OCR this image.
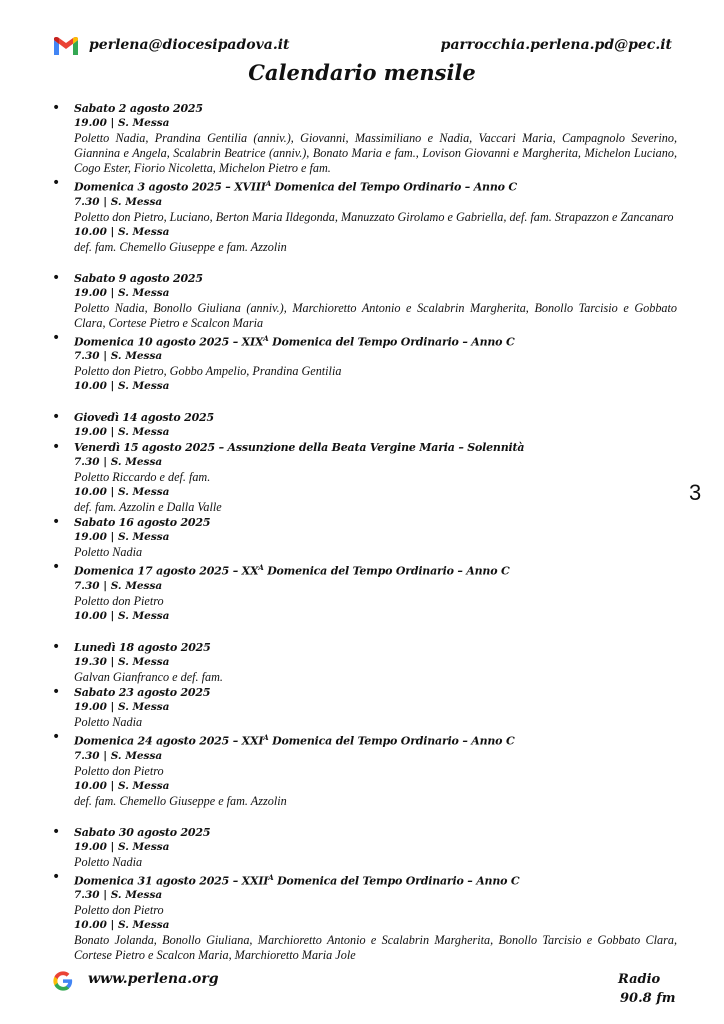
perlena@diocesipadova.it	parrocchia.perlena.pd@pec.it
Calendario mensile
• Sabato 2 agosto 2025
19.00 | S. Messa
Poletto Nadia, Prandina Gentilia (anniv.), Giovanni, Massimiliano e Nadia, Vaccari Maria, Campagnolo Severino, Giannina e Angela, Scalabrin Beatrice (anniv.), Bonato Maria e fam., Lovison Giovanni e Margherita, Michelon Luciano, Cogo Ester, Fiorio Nicoletta, Michelon Pietro e fam.
• Domenica 3 agosto $2025 - XVIII^A$ Domenica del Tempo Ordinario – Anno C
7.30 | S. Messa
Poletto don Pietro, Luciano, Berton Maria Ildegonda, Manuzzato Girolamo e Gabriella, def. fam. Strapazzon e Zancanaro
10.00 | S. Messa
def. fam. Chemello Giuseppe e fam. Azzolin
• Sabato 9 agosto 2025
19.00 | S. Messa
Poletto Nadia, Bonollo Giuliana (anniv.), Marchioretto Antonio e Scalabrin Margherita, Bonollo Tarcisio e Gobbato Clara, Cortese Pietro e Scalcon Maria
• Domenica 10 agosto $2025 - XIX^A$ Domenica del Tempo Ordinario – Anno C
7.30 | S. Messa
Poletto don Pietro, Gobbo Ampelio, Prandina Gentilia
10.00 | S. Messa
• Giovedì 14 agosto 2025
19.00 | S. Messa
• Venerdì 15 agosto 2025 – Assunzione della Beata Vergine Maria – Solennità
7.30 | S. Messa
Poletto Riccardo e def. fam.
10.00 | S. Messa
def. fam. Azzolin e Dalla Valle
• Sabato 16 agosto 2025
19.00 | S. Messa
Poletto Nadia
• Domenica 17 agosto $2025 - XX^A$ Domenica del Tempo Ordinario – Anno C
7.30 | S. Messa
Poletto don Pietro
10.00 | S. Messa
• Lunedì 18 agosto 2025
19.30 | S. Messa
Galvan Gianfranco e def. fam.
• Sabato 23 agosto 2025
19.00 | S. Messa
Poletto Nadia
• Domenica 24 agosto $2025 - XXI^A$ Domenica del Tempo Ordinario – Anno C
7.30 | S. Messa
Poletto don Pietro
10.00 | S. Messa
def. fam. Chemello Giuseppe e fam. Azzolin
• Sabato 30 agosto 2025
19.00 | S. Messa
Poletto Nadia
• Domenica 31 agosto $2025 - XXII^A$ Domenica del Tempo Ordinario – Anno C
7.30 | S. Messa
Poletto don Pietro
10.00 | S. Messa
Bonato Jolanda, Bonollo Giuliana, Marchioretto Antonio e Scalabrin Margherita, Bonollo Tarcisio e Gobbato Clara, Cortese Pietro e Scalcon Maria, Marchioretto Maria Jole
3
www.perlena.org	Radio
90.8 fm
